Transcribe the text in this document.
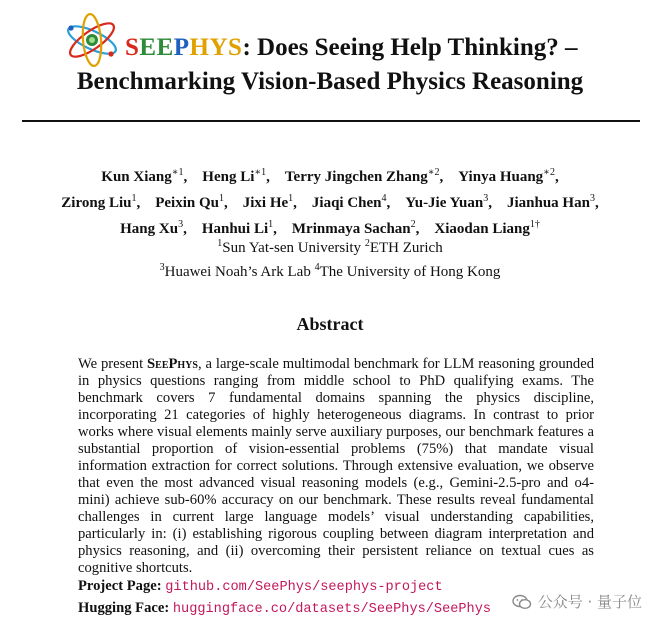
SEEPHYS: Does Seeing Help Thinking? –
Benchmarking Vision-Based Physics Reasoning
Kun Xiang$^{∗1}$, Heng $Li^{∗1}$, Terry Jingchen Zhang$^{∗2}$, Yinya Huang$^{∗2}$,
Zirong Liu$^1$, Peixin Qu$^1$, Jixi He$^1$, Jiaqi Chen$^4$, Yu-Jie Yuan$^3$, Jianhua Han$^3$,
Hang Xu$^3$, Hanhui Li$^1$, Mrinmaya Sachan$^2$, Xiaodan Liang$^{1\dagger}$
$^1$Sun Yat-sen University $^2$ETH Zurich
$^3$Huawei Noah’s Ark Lab $^4$The University of Hong Kong
Abstract
We present SeePhys, a large-scale multimodal benchmark for LLM reasoning grounded in physics questions ranging from middle school to PhD qualifying exams. The benchmark covers 7 fundamental domains spanning the physics discipline, incorporating 21 categories of highly heterogeneous diagrams. In contrast to prior works where visual elements mainly serve auxiliary purposes, our benchmark features a substantial proportion of vision-essential problems (75%) that mandate visual information extraction for correct solutions. Through extensive evaluation, we observe that even the most advanced visual reasoning models (e.g., Gemini-2.5-pro and o4-mini) achieve sub-60% accuracy on our benchmark. These results reveal fundamental challenges in current large language models’ visual understanding capabilities, particularly in: (i) establishing rigorous coupling between diagram interpretation and physics reasoning, and (ii) overcoming their persistent reliance on textual cues as cognitive shortcuts.
Project Page: github.com/SeePhys/seephys-project
Hugging Face: huggingface.co/datasets/SeePhys/SeePhys	公众号 · 量子位
